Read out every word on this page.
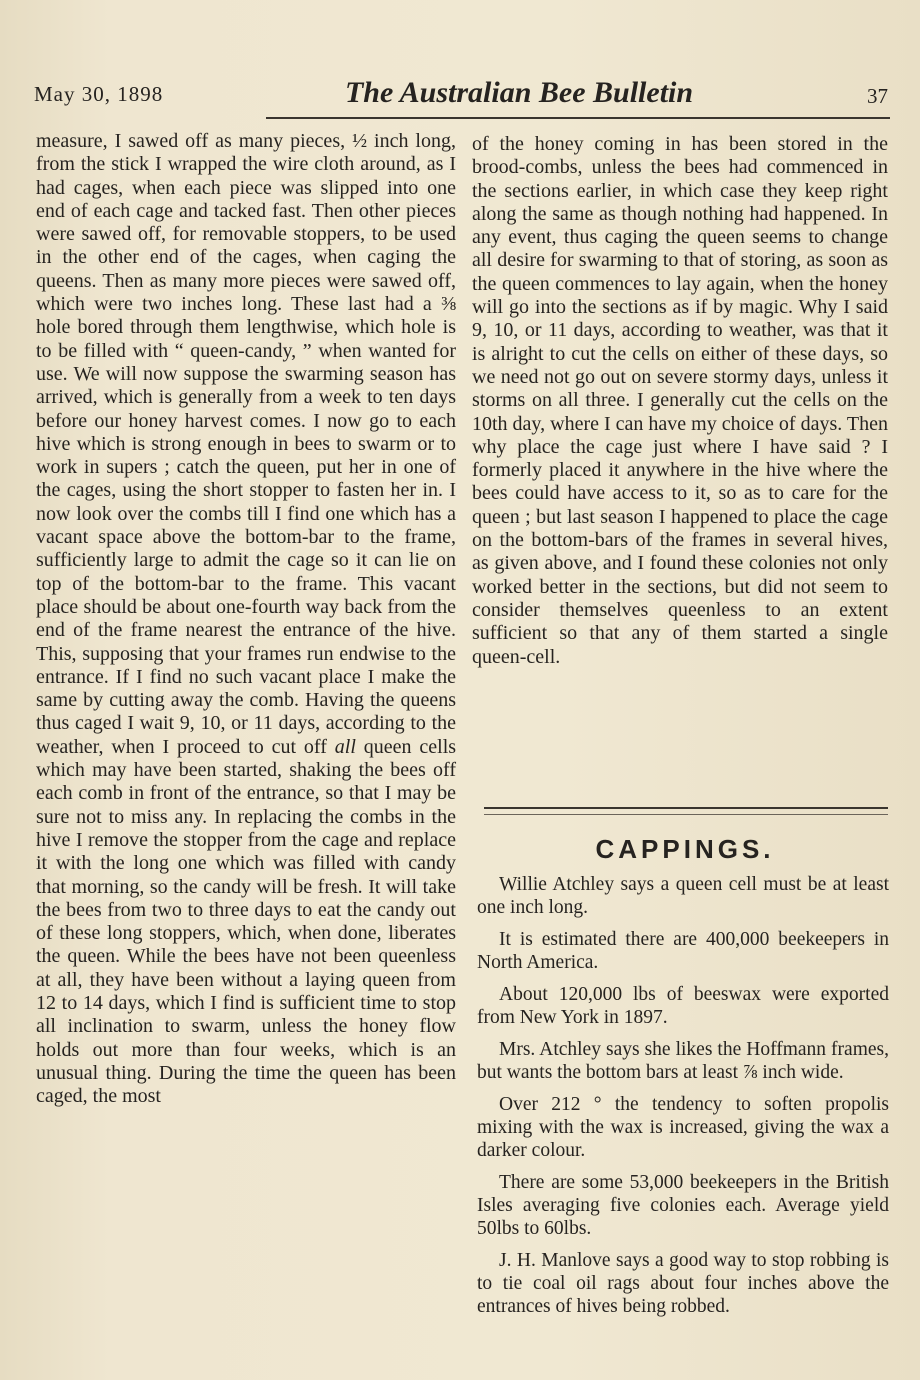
May 30, 1898	The Australian Bee Bulletin	37

measure, I sawed off as many pieces, ½ inch long, from the stick I wrapped the wire cloth around, as I had cages, when each piece was slipped into one end of each cage and tacked fast. Then other pieces were sawed off, for removable stoppers, to be used in the other end of the cages, when caging the queens. Then as many more pieces were sawed off, which were two inches long. These last had a ⅜ hole bored through them lengthwise, which hole is to be filled with “ queen-candy, ” when wanted for use. We will now suppose the swarming season has arrived, which is generally from a week to ten days before our honey harvest comes. I now go to each hive which is strong enough in bees to swarm or to work in supers ; catch the queen, put her in one of the cages, using the short stopper to fasten her in. I now look over the combs till I find one which has a vacant space above the bottom-bar to the frame, sufficiently large to admit the cage so it can lie on top of the bottom-bar to the frame. This vacant place should be about one-fourth way back from the end of the frame nearest the entrance of the hive. This, supposing that your frames run endwise to the entrance. If I find no such vacant place I make the same by cutting away the comb. Having the queens thus caged I wait 9, 10, or 11 days, according to the weather, when I proceed to cut off all queen cells which may have been started, shaking the bees off each comb in front of the entrance, so that I may be sure not to miss any. In replacing the combs in the hive I remove the stopper from the cage and replace it with the long one which was filled with candy that morning, so the candy will be fresh. It will take the bees from two to three days to eat the candy out of these long stoppers, which, when done, liberates the queen. While the bees have not been queenless at all, they have been without a laying queen from 12 to 14 days, which I find is sufficient time to stop all inclination to swarm, unless the honey flow holds out more than four weeks, which is an unusual thing. During the time the queen has been caged, the most

of the honey coming in has been stored in the brood-combs, unless the bees had commenced in the sections earlier, in which case they keep right along the same as though nothing had happened. In any event, thus caging the queen seems to change all desire for swarming to that of storing, as soon as the queen commences to lay again, when the honey will go into the sections as if by magic. Why I said 9, 10, or 11 days, according to weather, was that it is alright to cut the cells on either of these days, so we need not go out on severe stormy days, unless it storms on all three. I generally cut the cells on the 10th day, where I can have my choice of days. Then why place the cage just where I have said ? I formerly placed it anywhere in the hive where the bees could have access to it, so as to care for the queen ; but last season I happened to place the cage on the bottom-bars of the frames in several hives, as given above, and I found these colonies not only worked better in the sections, but did not seem to consider themselves queenless to an extent sufficient so that any of them started a single queen-cell.

CAPPINGS.

Willie Atchley says a queen cell must be at least one inch long.

It is estimated there are 400,000 beekeepers in North America.

About 120,000 lbs of beeswax were exported from New York in 1897.

Mrs. Atchley says she likes the Hoffmann frames, but wants the bottom bars at least ⅞ inch wide.

Over 212 ° the tendency to soften propolis mixing with the wax is increased, giving the wax a darker colour.

There are some 53,000 beekeepers in the British Isles averaging five colonies each. Average yield 50lbs to 60lbs.

J. H. Manlove says a good way to stop robbing is to tie coal oil rags about four inches above the entrances of hives being robbed.
